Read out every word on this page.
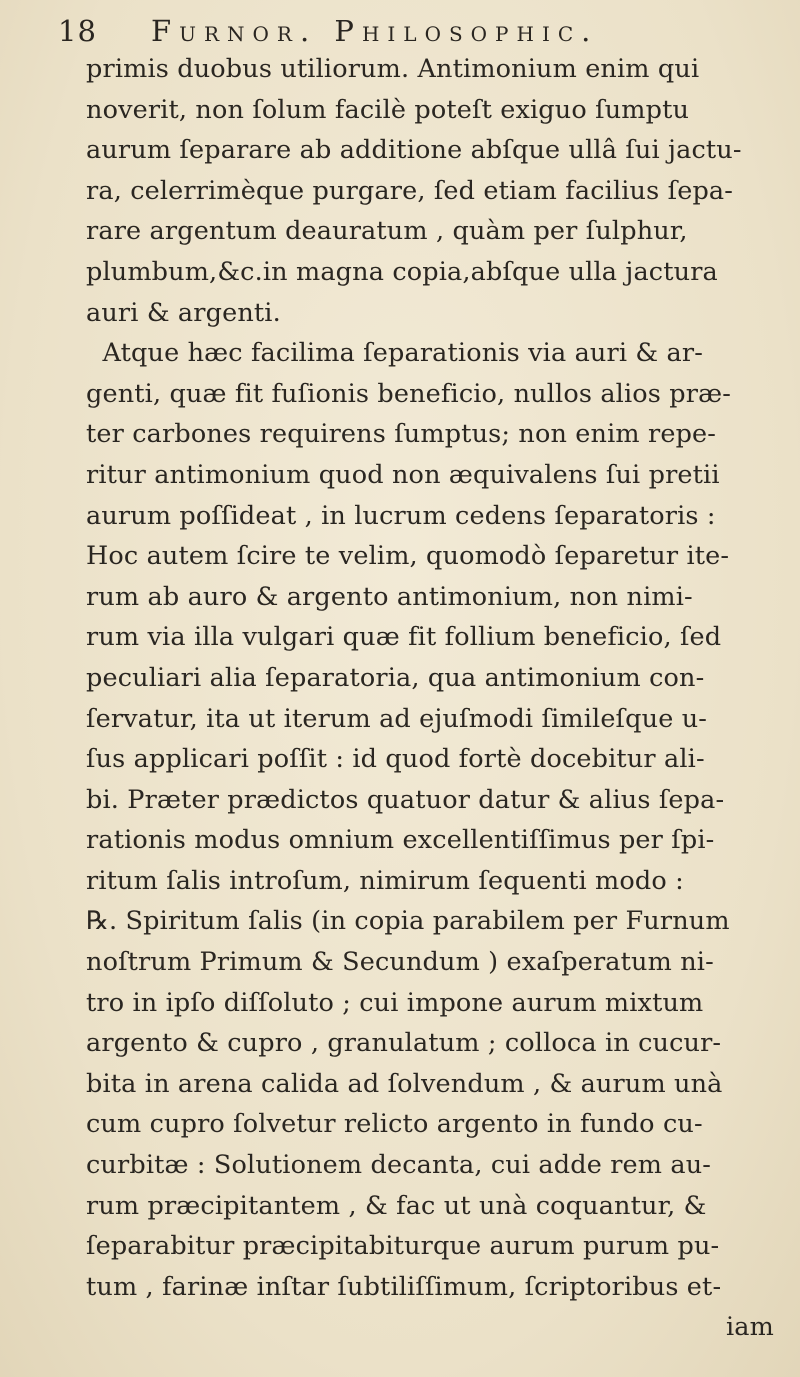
18 Furnor. Philosophic.
primis duobus utiliorum. Antimonium enim qui
noverit, non ſolum facilè poteſt exiguo ſumptu
aurum ſeparare ab additione abſque ullâ ſui jactu-
ra, celerrimèque purgare, ſed etiam facilius ſepa-
rare argentum deauratum , quàm per ſulphur,
plumbum,&c.in magna copia,abſque ulla jactura
auri & argenti.
Atque hæc facilima ſeparationis via auri & ar-
genti, quæ fit fuſionis beneficio, nullos alios præ-
ter carbones requirens ſumptus; non enim repe-
ritur antimonium quod non æquivalens ſui pretii
aurum poſſideat , in lucrum cedens ſeparatoris :
Hoc autem ſcire te velim, quomodò ſeparetur ite-
rum ab auro & argento antimonium, non nimi-
rum via illa vulgari quæ fit follium beneficio, ſed
peculiari alia ſeparatoria, qua antimonium con-
ſervatur, ita ut iterum ad ejuſmodi ſimileſque u-
ſus applicari poſſit : id quod fortè docebitur ali-
bi. Præter prædictos quatuor datur & alius ſepa-
rationis modus omnium excellentiſſimus per ſpi-
ritum ſalis introſum, nimirum ſequenti modo :
℞. Spiritum ſalis (in copia parabilem per Furnum
noſtrum Primum & Secundum ) exaſperatum ni-
tro in ipſo diſſoluto ; cui impone aurum mixtum
argento & cupro , granulatum ; colloca in cucur-
bita in arena calida ad ſolvendum , & aurum unà
cum cupro ſolvetur relicto argento in fundo cu-
curbitæ : Solutionem decanta, cui adde rem au-
rum præcipitantem , & fac ut unà coquantur, &
ſeparabitur præcipitabiturque aurum purum pu-
tum , farinæ inſtar ſubtiliſſimum, ſcriptoribus et-
iam
